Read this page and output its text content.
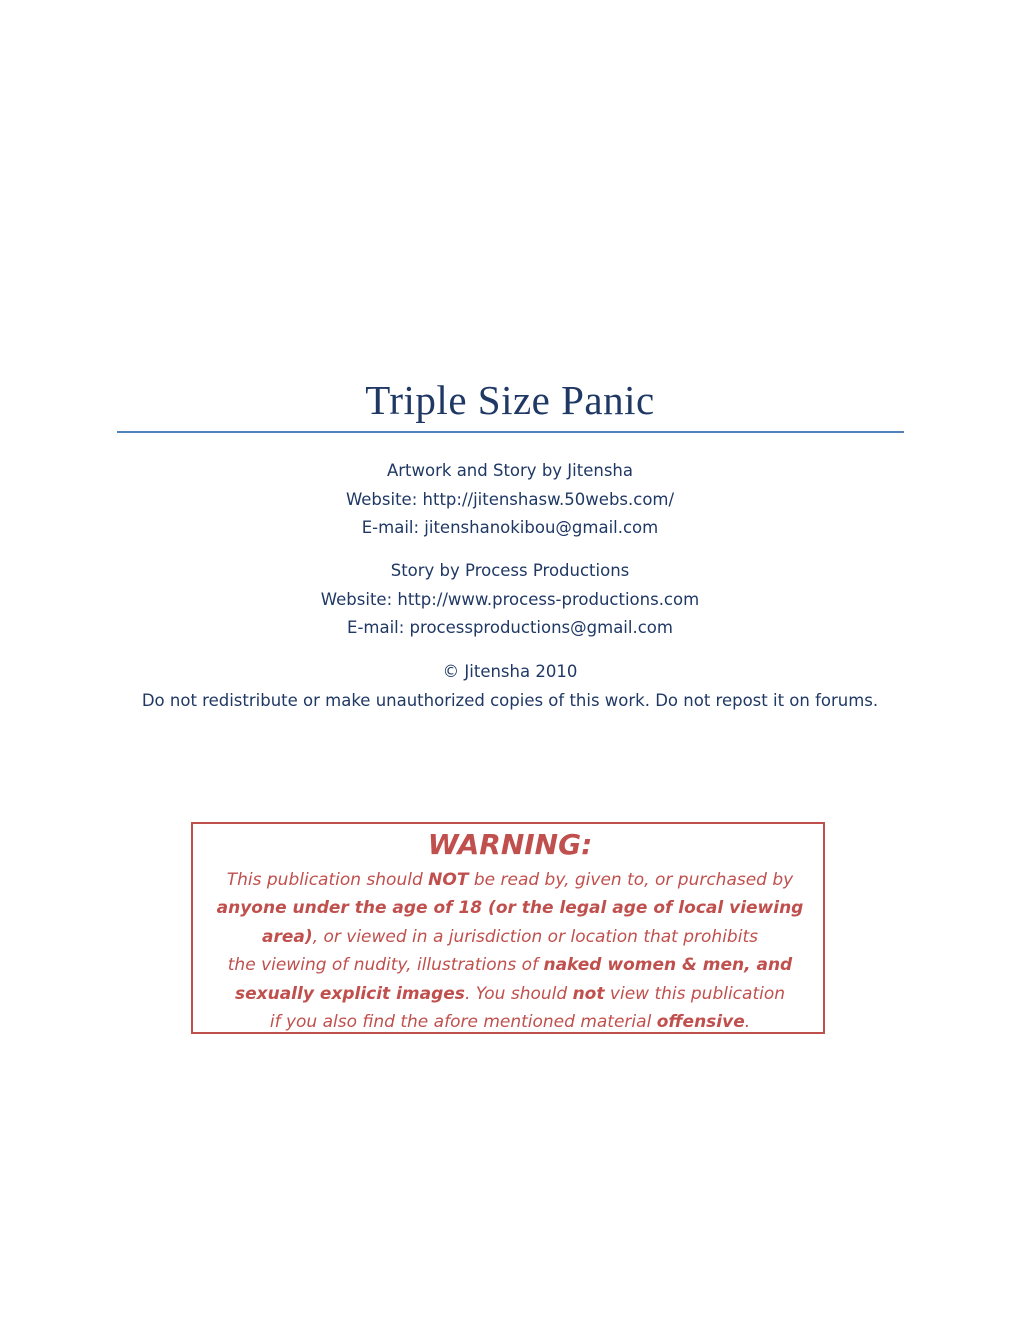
Triple Size Panic
Artwork and Story by Jitensha
Website: http://jitenshasw.50webs.com/
E-mail: jitenshanokibou@gmail.com
Story by Process Productions
Website: http://www.process-productions.com
E-mail: processproductions@gmail.com
© Jitensha 2010
Do not redistribute or make unauthorized copies of this work. Do not repost it on forums.
WARNING:
This publication should NOT be read by, given to, or purchased by
anyone under the age of 18 (or the legal age of local viewing
area), or viewed in a jurisdiction or location that prohibits
the viewing of nudity, illustrations of naked women & men, and
sexually explicit images. You should not view this publication
if you also find the afore mentioned material offensive.
